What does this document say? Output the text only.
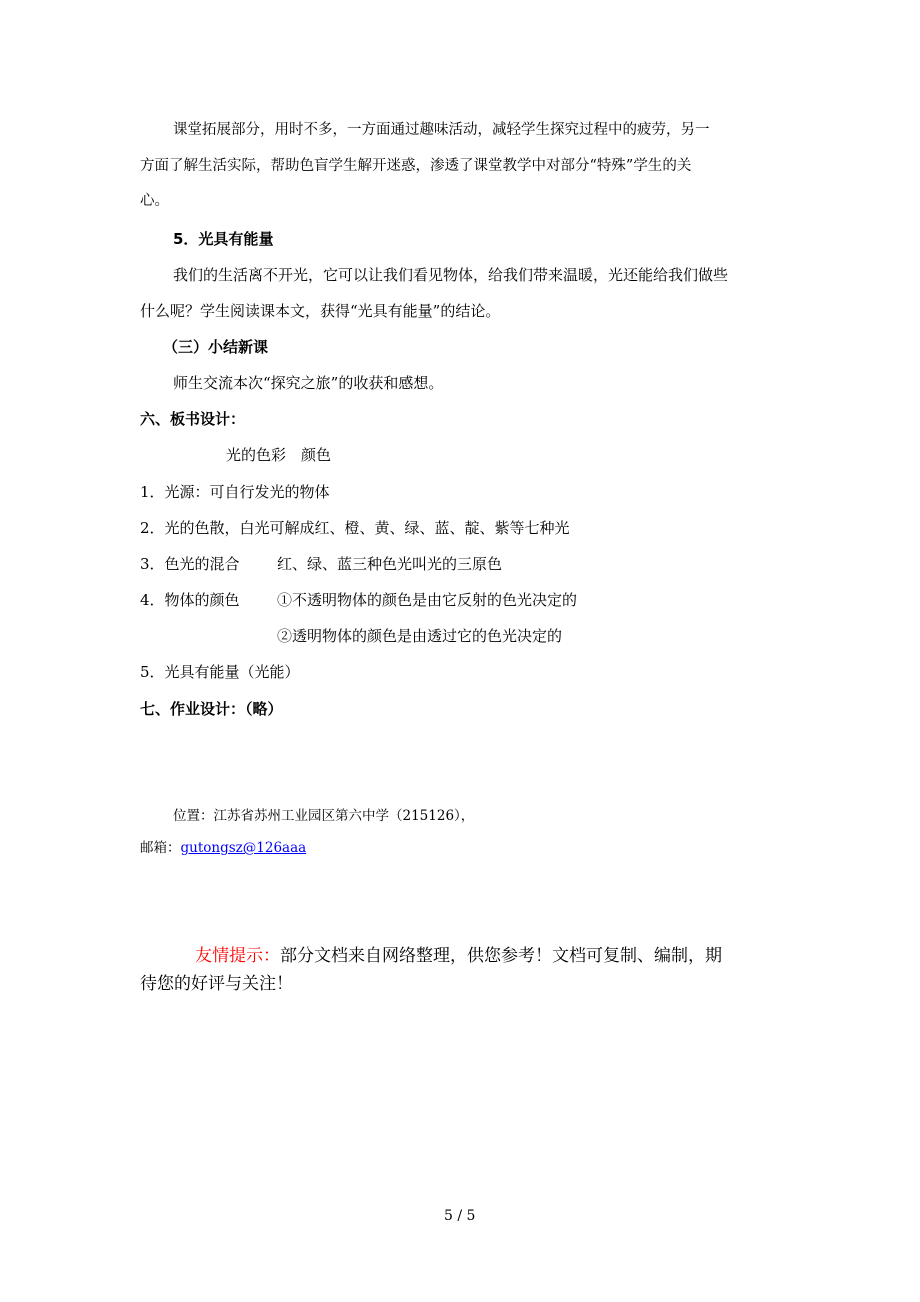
课堂拓展部分，用时不多，一方面通过趣味活动，减轻学生探究过程中的疲劳，另一
方面了解生活实际，帮助色盲学生解开迷惑，渗透了课堂教学中对部分“特殊”学生的关
心。
5．光具有能量
我们的生活离不开光，它可以让我们看见物体，给我们带来温暖，光还能给我们做些
什么呢？学生阅读课本文，获得“光具有能量”的结论。
（三）小结新课
师生交流本次“探究之旅”的收获和感想。
六、板书设计：
光的色彩　颜色
1．光源：可自行发光的物体
2．光的色散，白光可解成红、橙、黄、绿、蓝、靛、紫等七种光
3．色光的混合 红、绿、蓝三种色光叫光的三原色
4．物体的颜色 ①不透明物体的颜色是由它反射的色光决定的
②透明物体的颜色是由透过它的色光决定的
5．光具有能量（光能）
七、作业设计：（略）
位置：江苏省苏州工业园区第六中学（215126），
邮箱：gutongsz@126aaa
友情提示：部分文档来自网络整理，供您参考！文档可复制、编制，期
待您的好评与关注！
5 / 5
